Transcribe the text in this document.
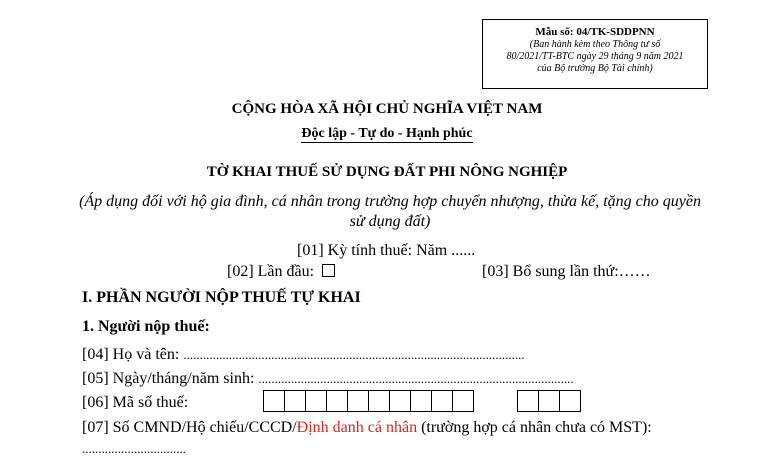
Mẫu số: 04/TK-SDDPNN
(Ban hành kèm theo Thông tư số
80/2021/TT-BTC ngày 29 tháng 9 năm 2021
của Bộ trưởng Bộ Tài chính)
CỘNG HÒA XÃ HỘI CHỦ NGHĨA VIỆT NAM
Độc lập - Tự do - Hạnh phúc
TỜ KHAI THUẾ SỬ DỤNG ĐẤT PHI NÔNG NGHIỆP
(Áp dụng đối với hộ gia đình, cá nhân trong trường hợp chuyển nhượng, thừa kế, tặng cho quyền sử dụng đất)
[01] Kỳ tính thuế: Năm ......
[02] Lần đầu:	[03] Bổ sung lần thứ:……
I. PHẦN NGƯỜI NỘP THUẾ TỰ KHAI
1. Người nộp thuế:
[04] Họ và tên: .........................................................................................................
[05] Ngày/tháng/năm sinh: .................................................................................................
[06] Mã số thuế:
[07] Số CMND/Hộ chiếu/CCCD/Định danh cá nhân (trường hợp cá nhân chưa có MST):
................................
